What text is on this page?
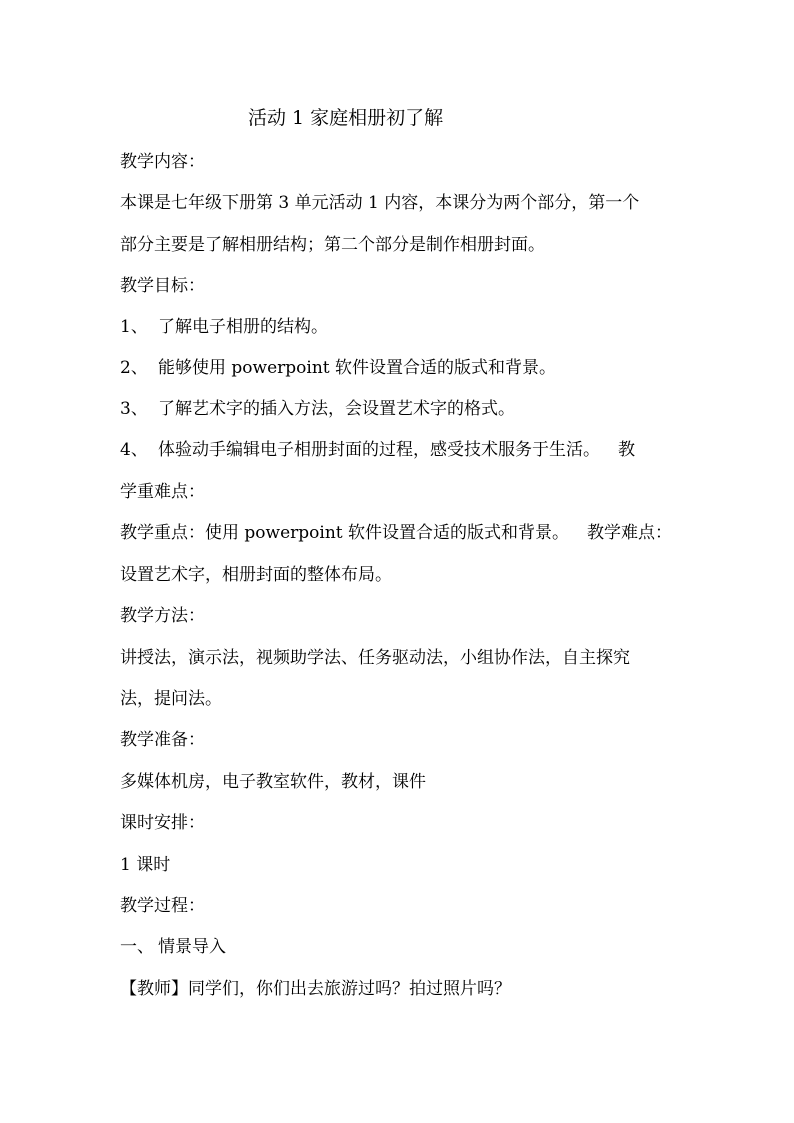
活动 1 家庭相册初了解
教学内容：
本课是七年级下册第 3 单元活动 1 内容，本课分为两个部分，第一个
部分主要是了解相册结构；第二个部分是制作相册封面。
教学目标：
1、 了解电子相册的结构。
2、 能够使用 powerpoint 软件设置合适的版式和背景。
3、 了解艺术字的插入方法，会设置艺术字的格式。
4、 体验动手编辑电子相册封面的过程，感受技术服务于生活。 教
学重难点：
教学重点：使用 powerpoint 软件设置合适的版式和背景。 教学难点：
设置艺术字，相册封面的整体布局。
教学方法：
讲授法，演示法，视频助学法、任务驱动法，小组协作法，自主探究
法，提问法。
教学准备：
多媒体机房，电子教室软件，教材，课件
课时安排：
1 课时
教学过程：
一、 情景导入
【教师】同学们，你们出去旅游过吗？拍过照片吗？
